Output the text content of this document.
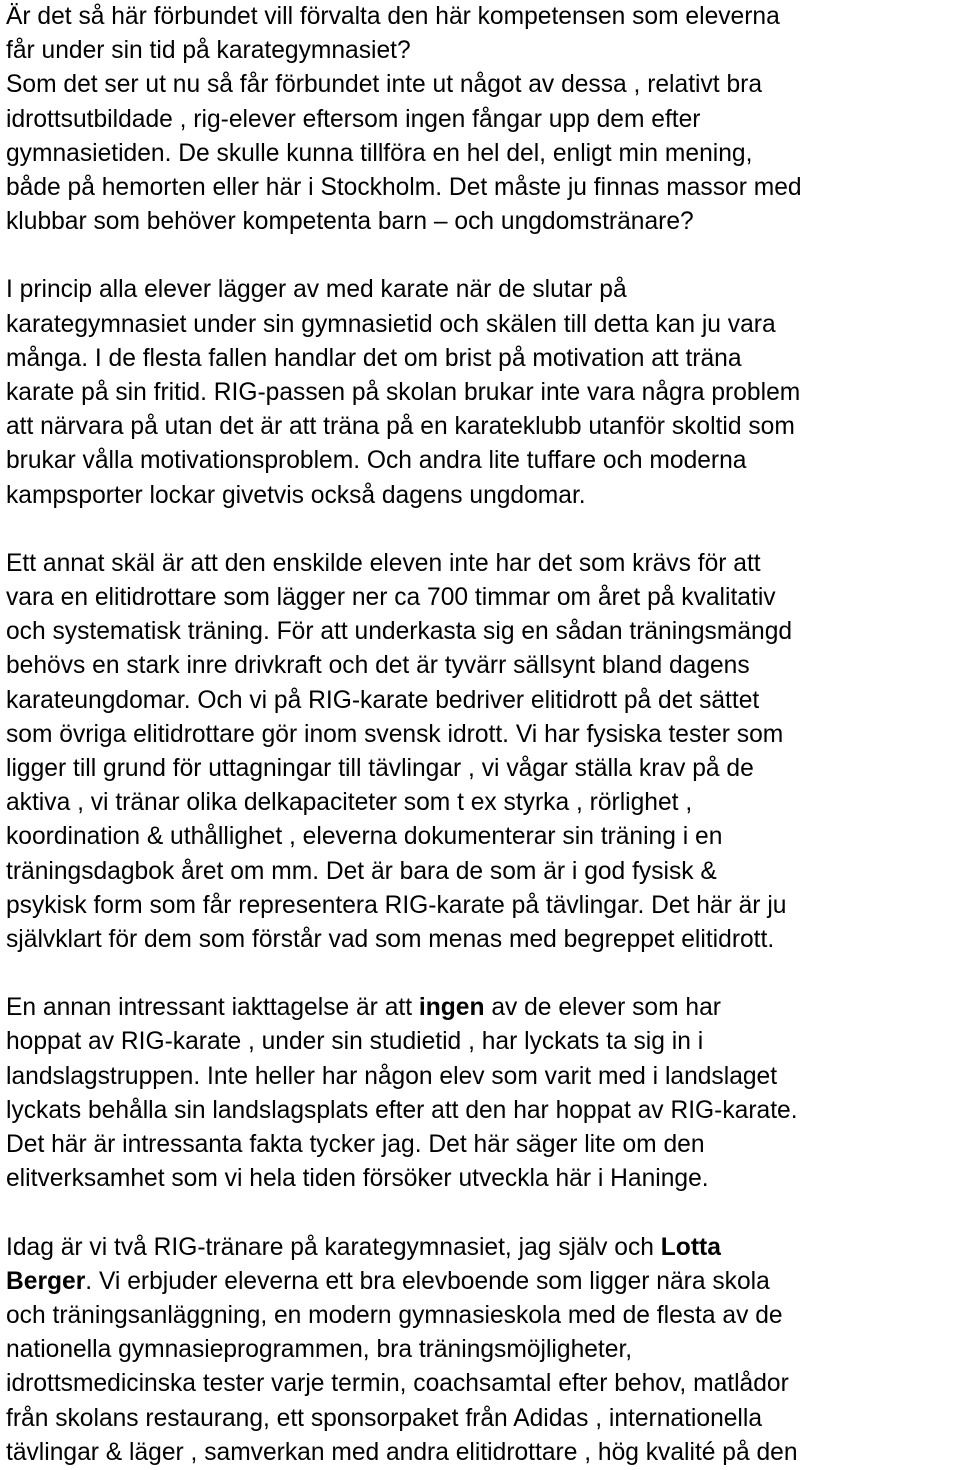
Är det så här förbundet vill förvalta den här kompetensen som eleverna
får under sin tid på karategymnasiet?
Som det ser ut nu så får förbundet inte ut något av dessa , relativt bra
idrottsutbildade , rig-elever eftersom ingen fångar upp dem efter
gymnasietiden. De skulle kunna tillföra en hel del, enligt min mening,
både på hemorten eller här i Stockholm. Det måste ju finnas massor med
klubbar som behöver kompetenta barn – och ungdomstränare?

I princip alla elever lägger av med karate när de slutar på
karategymnasiet under sin gymnasietid och skälen till detta kan ju vara
många. I de flesta fallen handlar det om brist på motivation att träna
karate på sin fritid. RIG-passen på skolan brukar inte vara några problem
att närvara på utan det är att träna på en karateklubb utanför skoltid som
brukar vålla motivationsproblem. Och andra lite tuffare och moderna
kampsporter lockar givetvis också dagens ungdomar.

Ett annat skäl är att den enskilde eleven inte har det som krävs för att
vara en elitidrottare som lägger ner ca 700 timmar om året på kvalitativ
och systematisk träning. För att underkasta sig en sådan träningsmängd
behövs en stark inre drivkraft och det är tyvärr sällsynt bland dagens
karateungdomar. Och vi på RIG-karate bedriver elitidrott på det sättet
som övriga elitidrottare gör inom svensk idrott. Vi har fysiska tester som
ligger till grund för uttagningar till tävlingar , vi vågar ställa krav på de
aktiva , vi tränar olika delkapaciteter som t ex styrka , rörlighet ,
koordination & uthållighet , eleverna dokumenterar sin träning i en
träningsdagbok året om mm. Det är bara de som är i god fysisk &
psykisk form som får representera RIG-karate på tävlingar. Det här är ju
självklart för dem som förstår vad som menas med begreppet elitidrott.

En annan intressant iakttagelse är att ingen av de elever som har
hoppat av RIG-karate , under sin studietid , har lyckats ta sig in i
landslagstruppen. Inte heller har någon elev som varit med i landslaget
lyckats behålla sin landslagsplats efter att den har hoppat av RIG-karate.
Det här är intressanta fakta tycker jag. Det här säger lite om den
elitverksamhet som vi hela tiden försöker utveckla här i Haninge.

Idag är vi två RIG-tränare på karategymnasiet, jag själv och Lotta
Berger. Vi erbjuder eleverna ett bra elevboende som ligger nära skola
och träningsanläggning, en modern gymnasieskola med de flesta av de
nationella gymnasieprogrammen, bra träningsmöjligheter,
idrottsmedicinska tester varje termin, coachsamtal efter behov, matlådor
från skolans restaurang, ett sponsorpaket från Adidas , internationella
tävlingar & läger , samverkan med andra elitidrottare , hög kvalité på den
